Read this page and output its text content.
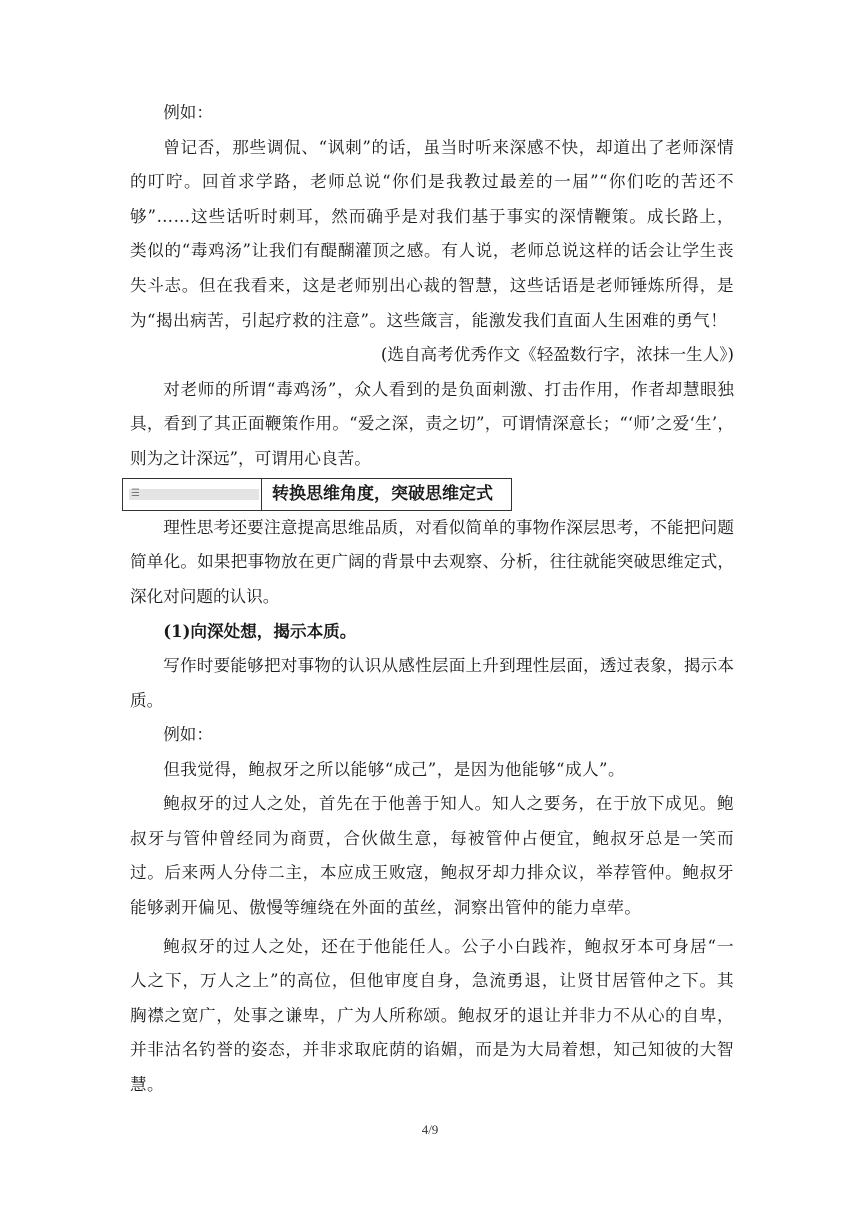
例如：

曾记否，那些调侃、“讽刺”的话，虽当时听来深感不快，却道出了老师深情的叮咛。回首求学路，老师总说“你们是我教过最差的一届”“你们吃的苦还不够”……这些话听时刺耳，然而确乎是对我们基于事实的深情鞭策。成长路上，类似的“毒鸡汤”让我们有醍醐灌顶之感。有人说，老师总说这样的话会让学生丧失斗志。但在我看来，这是老师别出心裁的智慧，这些话语是老师锤炼所得，是为“揭出病苦，引起疗救的注意”。这些箴言，能激发我们直面人生困难的勇气！

(选自高考优秀作文《轻盈数行字，浓抹一生人》)

对老师的所谓“毒鸡汤”，众人看到的是负面刺激、打击作用，作者却慧眼独具，看到了其正面鞭策作用。“爱之深，责之切”，可谓情深意长；“‘师’之爱‘生’，则为之计深远”，可谓用心良苦。

☰	转换思维角度，突破思维定式

理性思考还要注意提高思维品质，对看似简单的事物作深层思考，不能把问题简单化。如果把事物放在更广阔的背景中去观察、分析，往往就能突破思维定式，深化对问题的认识。

(1)向深处想，揭示本质。

写作时要能够把对事物的认识从感性层面上升到理性层面，透过表象，揭示本质。

例如：

但我觉得，鲍叔牙之所以能够“成己”，是因为他能够“成人”。

鲍叔牙的过人之处，首先在于他善于知人。知人之要务，在于放下成见。鲍叔牙与管仲曾经同为商贾，合伙做生意，每被管仲占便宜，鲍叔牙总是一笑而过。后来两人分侍二主，本应成王败寇，鲍叔牙却力排众议，举荐管仲。鲍叔牙能够剥开偏见、傲慢等缠绕在外面的茧丝，洞察出管仲的能力卓荦。

鲍叔牙的过人之处，还在于他能任人。公子小白践祚，鲍叔牙本可身居“一人之下，万人之上”的高位，但他审度自身，急流勇退，让贤甘居管仲之下。其胸襟之宽广，处事之谦卑，广为人所称颂。鲍叔牙的退让并非力不从心的自卑，并非沽名钓誉的姿态，并非求取庇荫的谄媚，而是为大局着想，知己知彼的大智慧。

4/9
